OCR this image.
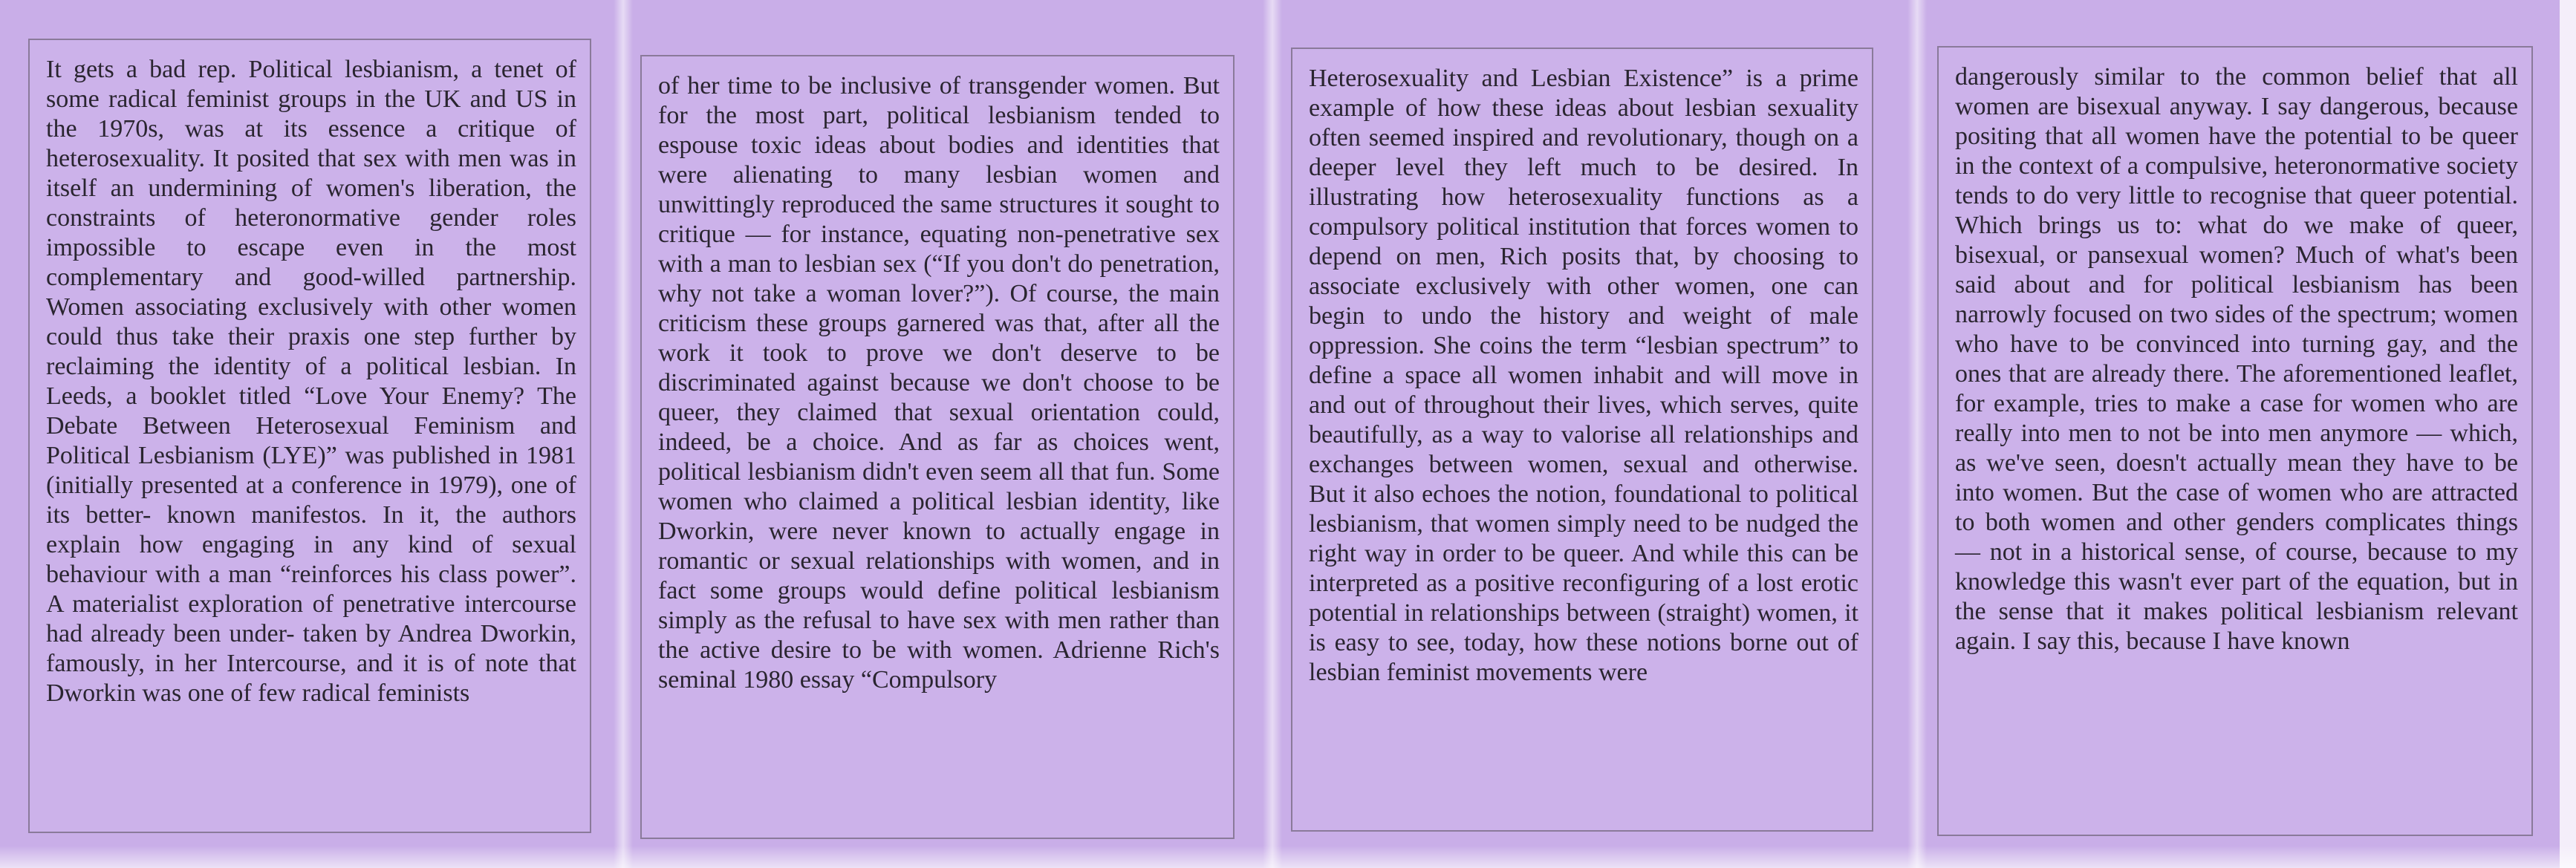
It gets a bad rep. Political lesbianism, a tenet of some radical feminist groups in the UK and US in the 1970s, was at its essence a critique of heterosexuality. It posited that sex with men was in itself an undermining of women's liberation, the constraints of heteronormative gender roles impossible to escape even in the most complementary and good-willed partnership. Women associating exclusively with other women could thus take their praxis one step further by reclaiming the identity of a political lesbian. In Leeds, a booklet titled “Love Your Enemy? The Debate Between Heterosexual Feminism and Political Lesbianism (LYE)” was published in 1981 (initially presented at a conference in 1979), one of its better- known manifestos. In it, the authors explain how engaging in any kind of sexual behaviour with a man “reinforces his class power”. A materialist exploration of penetrative intercourse had already been under- taken by Andrea Dworkin, famously, in her Intercourse, and it is of note that Dworkin was one of few radical feminists

of her time to be inclusive of transgender women. But for the most part, political lesbianism tended to espouse toxic ideas about bodies and identities that were alienating to many lesbian women and unwittingly reproduced the same structures it sought to critique — for instance, equating non-penetrative sex with a man to lesbian sex (“If you don't do penetration, why not take a woman lover?”). Of course, the main criticism these groups garnered was that, after all the work it took to prove we don't deserve to be discriminated against because we don't choose to be queer, they claimed that sexual orientation could, indeed, be a choice. And as far as choices went, political lesbianism didn't even seem all that fun. Some women who claimed a political lesbian identity, like Dworkin, were never known to actually engage in romantic or sexual relationships with women, and in fact some groups would define political lesbianism simply as the refusal to have sex with men rather than the active desire to be with women. Adrienne Rich's seminal 1980 essay “Compulsory

Heterosexuality and Lesbian Existence” is a prime example of how these ideas about lesbian sexuality often seemed inspired and revolutionary, though on a deeper level they left much to be desired. In illustrating how heterosexuality functions as a compulsory political institution that forces women to depend on men, Rich posits that, by choosing to associate exclusively with other women, one can begin to undo the history and weight of male oppression. She coins the term “lesbian spectrum” to define a space all women inhabit and will move in and out of throughout their lives, which serves, quite beautifully, as a way to valorise all relationships and exchanges between women, sexual and otherwise. But it also echoes the notion, foundational to political lesbianism, that women simply need to be nudged the right way in order to be queer. And while this can be interpreted as a positive reconfiguring of a lost erotic potential in relationships between (straight) women, it is easy to see, today, how these notions borne out of lesbian feminist movements were

dangerously similar to the common belief that all women are bisexual anyway. I say dangerous, because positing that all women have the potential to be queer in the context of a compulsive, heteronormative society tends to do very little to recognise that queer potential. Which brings us to: what do we make of queer, bisexual, or pansexual women? Much of what's been said about and for political lesbianism has been narrowly focused on two sides of the spectrum; women who have to be convinced into turning gay, and the ones that are already there. The aforementioned leaflet, for example, tries to make a case for women who are really into men to not be into men anymore — which, as we've seen, doesn't actually mean they have to be into women. But the case of women who are attracted to both women and other genders complicates things — not in a historical sense, of course, because to my knowledge this wasn't ever part of the equation, but in the sense that it makes political lesbianism relevant again. I say this, because I have known
